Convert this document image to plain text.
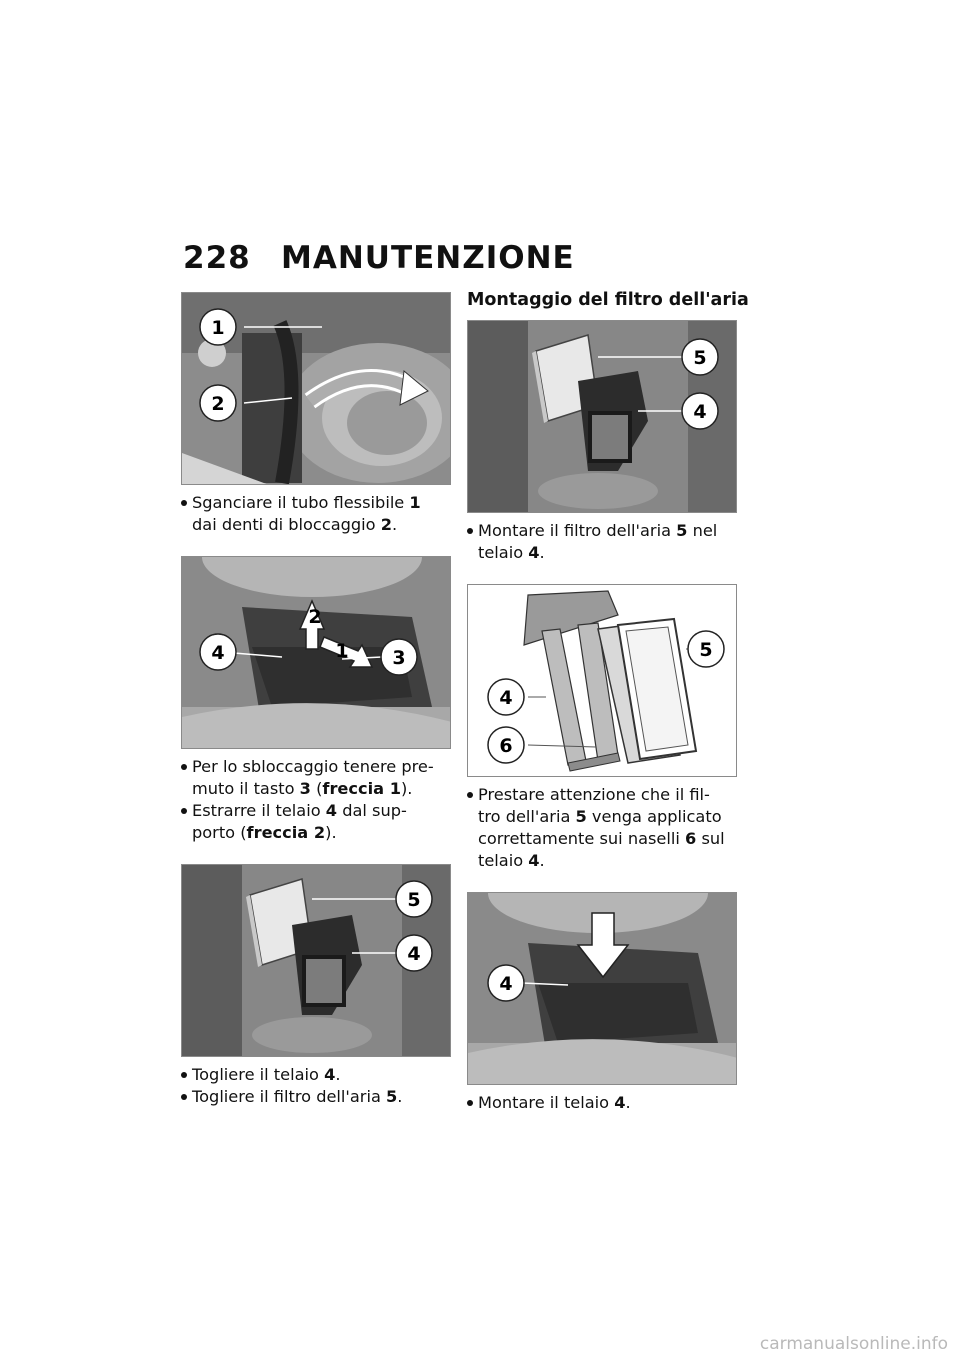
228 MANUTENZIONE
1
2
Sganciare il tubo flessibile 1
dai denti di bloccaggio 2.
4	3
2
1
Per lo sbloccaggio tenere pre-
muto il tasto 3 (freccia 1).
Estrarre il telaio 4 dal sup-
porto (freccia 2).
5
4
Togliere il telaio 4.
Togliere il filtro dell'aria 5.
Montaggio del filtro dell'aria
5
4
Montare il filtro dell'aria 5 nel telaio 4.
4
6
5
Prestare attenzione che il fil-
tro dell'aria 5 venga applicato
correttamente sui naselli 6 sul
telaio 4.
4
Montare il telaio 4.
carmanualsonline.info
